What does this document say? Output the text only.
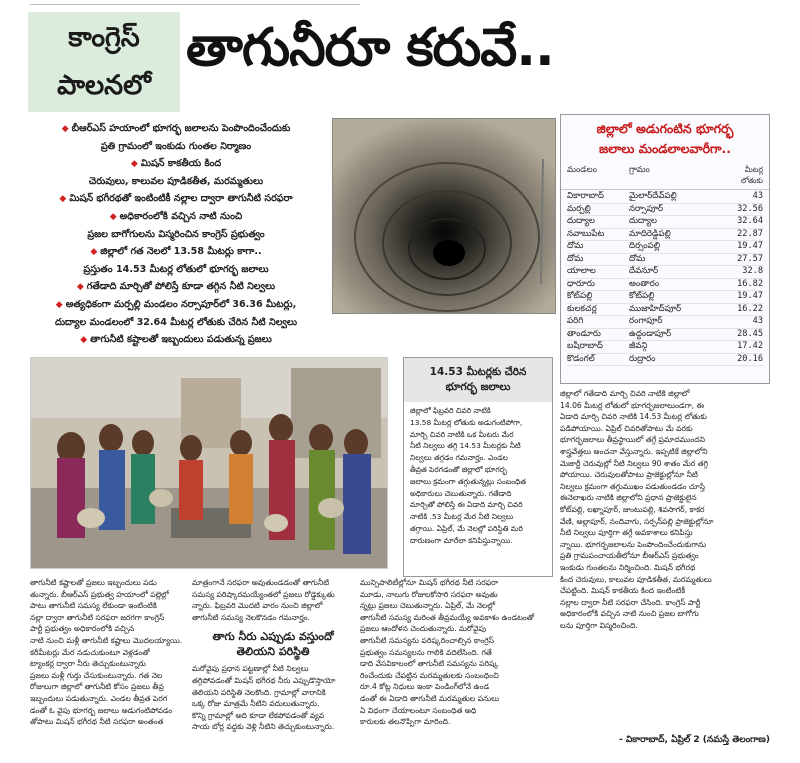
కాంగ్రెస్
పాలనలో
తాగునీరూ కరువే..
◆ బీఆర్ఎస్ హయాంలో భూగర్భ జలాలను పెంపొందించేందుకు
ప్రతి గ్రామంలో ఇంకుడు గుంతల నిర్మాణం
◆ మిషన్ కాకతీయ కింద
చెరువులు, కాలువల పూడికతీత, మరమ్మతులు
◆ మిషన్ భగీరథతో ఇంటింటికీ నల్లాల ద్వారా తాగునీటి సరఫరా
◆ అధికారంలోకి వచ్చిన నాటి నుంచి
ప్రజల బాగోగులను విస్మరించిన కాంగ్రెస్ ప్రభుత్వం
◆ జిల్లాలో గత నెలలో 13.58 మీటర్లు కాగా..
ప్రస్తుతం 14.53 మీటర్ల లోతులో భూగర్భ జలాలు
◆ గతేడాది మార్చితో పోలిస్తే కూడా తగ్గిన నీటి నిల్వలు
◆ అత్యధికంగా మర్పల్లి మండలం నర్సాపూర్‌లో 36.36 మీటర్లు,
దుద్యాల మండలంలో 32.64 మీటర్ల లోతుకు చేరిన నీటి నిల్వలు
◆ తాగునీటి కష్టాలతో ఇబ్బందులు పడుతున్న ప్రజలు
జిల్లాలో అడుగంటిన భూగర్భ
జలాలు మండలాలవారీగా..
మండలం	గ్రామం	మీటర్ల లోతుకు
వికారాబాద్	మైలార్‌దేవ్‌పల్లి	43
మర్పల్లి	నర్సాపూర్	32.56
దుద్యాల	దుద్యాల	32.64
నవాబుపేట	మాదిరెడ్డిపల్లి	22.87
దోమ	దిర్సంపల్లి	19.47
దోమ	దోమ	27.57
యాలాల	దేవనూర్	32.8
ధారూరు	అంతారం	16.82
కోట్‌పల్లి	కోట్‌పల్లి	19.47
కులకచర్ల	ముజాహిద్‌పూర్	16.22
పరిగి	రంగాపూర్	43
తాండూరు	ఉద్దండాపూర్	28.45
బషీరాబాద్	జీవన్గి	17.42
కొడంగల్	రుద్రారం	20.16
14.53 మీటర్లకు చేరిన
భూగర్భ జలాలు
జిల్లాలో ఫిబ్రవరి చివరి నాటికి
13.58 మీటర్ల లోతుకు అడుగంటిపోగా,
మార్చి చివరి నాటికి ఒక మీటరు మేర
నీటి నిల్వలు తగ్గి 14.53 మీటర్లకు నీటి
నిల్వలు తగ్గడం గమనార్హం. ఎండల
తీవ్రత పెరగడంతో జిల్లాలో భూగర్భ
జలాలు క్రమంగా తగ్గుతున్నట్లు సంబంధిత
అధికారులు చెబుతున్నారు. గతేడాది
మార్చితో పోలిస్తే ఈ ఏడాది మార్చి చివరి
నాటికి .53 మీటర్ల మేర నీటి నిల్వలు
తగ్గాయి. ఏప్రిల్, మే నెలల్లో పరిస్థితి మరి
దారుణంగా మారేలా కనిపిస్తున్నాయి.
తాగునీటి కష్టాలతో ప్రజలు ఇబ్బందులు పడు
తున్నారు. బీఆర్ఎస్ ప్రభుత్వ హయాంలో పల్లెల్లో
పాటు తాగునీటి సమస్య లేకుండా ఇంటింటికి
నల్లా ద్వారా తాగునీటి సరఫరా జరగగా కాంగ్రెస్
పార్టీ ప్రభుత్వం అధికారంలోకి వచ్చిన
నాటి నుంచి మళ్లీ తాగునీటి కష్టాలు మొదలయ్యాయి.
కరీమీటర్లు మేర నడుచుకుంటూ వెళ్లడంతో
ట్యాంకర్ల ద్వారా నీరు తెచ్చుకుంటున్నారు
ప్రజలు మళ్లీ గుర్తు చేసుకుంటున్నారు. గత నెల
రోజులుగా జిల్లాలో తాగునీటి కోసం ప్రజలు తీవ్ర
ఇబ్బందులు పడుతున్నారు. ఎండల తీవ్రత పెరగ
డంతో ఓ వైపు భూగర్భ జలాలు అడుగంటిపోవడం
తోపాటు మిషన్ భగీరథ నీటి సరఫరా అంతంత
మాత్రంగానే సరఫరా అవుతుండడంతో తాగునీటి
సమస్య పరిష్కారమయ్యేంతలో ప్రజలు రోడ్డెక్కుతు
న్నారు. ఫిబ్రవరి మొదటి వారం నుంచి జిల్లాలో
తాగునీటి సమస్య నెలకొనడం గమనార్హం.
తాగు నీరు ఎప్పుడు వస్తుందో
తెలియని పరిస్థితి
మరోవైపు ప్రధాన పట్టణాల్లో నీటి నిల్వలు
తగ్గిపోవడంతో మిషన్ భగీరథ నీరు ఎప్పుడొస్తాయో
తెలియని పరిస్థితి నెలకొంది. గ్రామాల్లో వారానికి
ఒక్క రోజు మాత్రమే నీటిని వదులుతున్నారు.
కొన్ని గ్రామాల్లో అది కూడా లేకపోవడంతో వ్యవ
సాయ బోర్ల వద్దకు వెళ్లి నీటిని తెచ్చుకుంటున్నారు.
మున్సిపాలిటీల్లోనూ మిషన్ భగీరథ నీటి సరఫరా
మూడు, నాలుగు రోజులకోసారి సరఫరా అవుతు
న్నట్లు ప్రజలు చెబుతున్నారు. ఏప్రిల్, మే నెలల్లో
తాగునీటి సమస్య మరింత తీవ్రమయ్యే అవకాశం ఉండటంతో
ప్రజలు ఆందోళన చెందుతున్నారు. మరోవైపు
తాగునీటి సమస్యను పరిష్కరించాల్సిన కాంగ్రెస్
ప్రభుత్వం సమస్యలను గాలికి వదిలేసింది. గతే
డాది వేసవికాలంలో తాగునీటి సమస్యను పరిష్క
రించేందుకు చేపట్టిన మరమ్మతులకు సంబంధించి
రూ.4 కోట్ల నిధులు ఇంకా పెండింగ్‌లోనే ఉండ
డంతో ఈ ఏడాది తాగునీటి మరమ్మతుల పనులు
ఏ విధంగా చేయాలంటూ సంబంధిత అధి
కారులకు తలనొప్పిగా మారింది.
జిల్లాలో గతేడాది మార్చి చివరి నాటికి జిల్లాలో
14.06 మీటర్ల లోతులో భూగర్భజలాలుండగా, ఈ
ఏడాది మార్చి చివరి నాటికి 14.53 మీటర్ల లోతుకు
పడిపోయాయి. ఏప్రిల్ చివరితోపాటు మే వరకు
భూగర్భజలాలు తీవ్రస్థాయిలో తగ్గే ప్రమాదముందని
శాస్త్రవేత్తలు అంచనా వేస్తున్నారు. ఇప్పటికే జిల్లాలోని
మెజార్టీ చెరువుల్లో నీటి నిల్వలు 90 శాతం మేర తగ్గి
పోయాయి. చెరువులతోపాటు ప్రాజెక్టుల్లోనూ నీటి
నిల్వలు క్రమంగా తగ్గుముఖం పడుతుండడం చూస్తే
ఈనెలాఖరు నాటికి జిల్లాలోని ప్రధాన ప్రాజెక్టులైన
కోట్‌పల్లి, లఖ్నాపూర్, జుంటుపల్లి, శివసాగర్, కాకర
వేణి, అల్లాపూర్, నందివాగు, సర్పన్‌పల్లి ప్రాజెక్టుల్లోనూ
నీటి నిల్వలు పూర్తిగా తగ్గే అవకాశాలు కనిపిస్తు
న్నాయి. భూగర్భజలాలను పెంపొందించేందుకుగాను
ప్రతి గ్రామపంచాయతీలోనూ బీఆర్ఎస్ ప్రభుత్వం
ఇంకుడు గుంతలను నిర్మించింది. మిషన్ భగీరథ
కింద చెరువులు, కాలువల పూడికతీత, మరమ్మతులు
చేపట్టింది. మిషన్ కాకతీయ కింద ఇంటింటికీ
నల్లాల ద్వారా నీటి సరఫరా చేసింది. కాంగ్రెస్ పార్టీ
అధికారంలోకి వచ్చిన నాటి నుంచి ప్రజల బాగోగు
లను పూర్తిగా విస్మరించింది.
- వికారాబాద్, ఏప్రిల్ 2 (నమస్తే తెలంగాణ)
